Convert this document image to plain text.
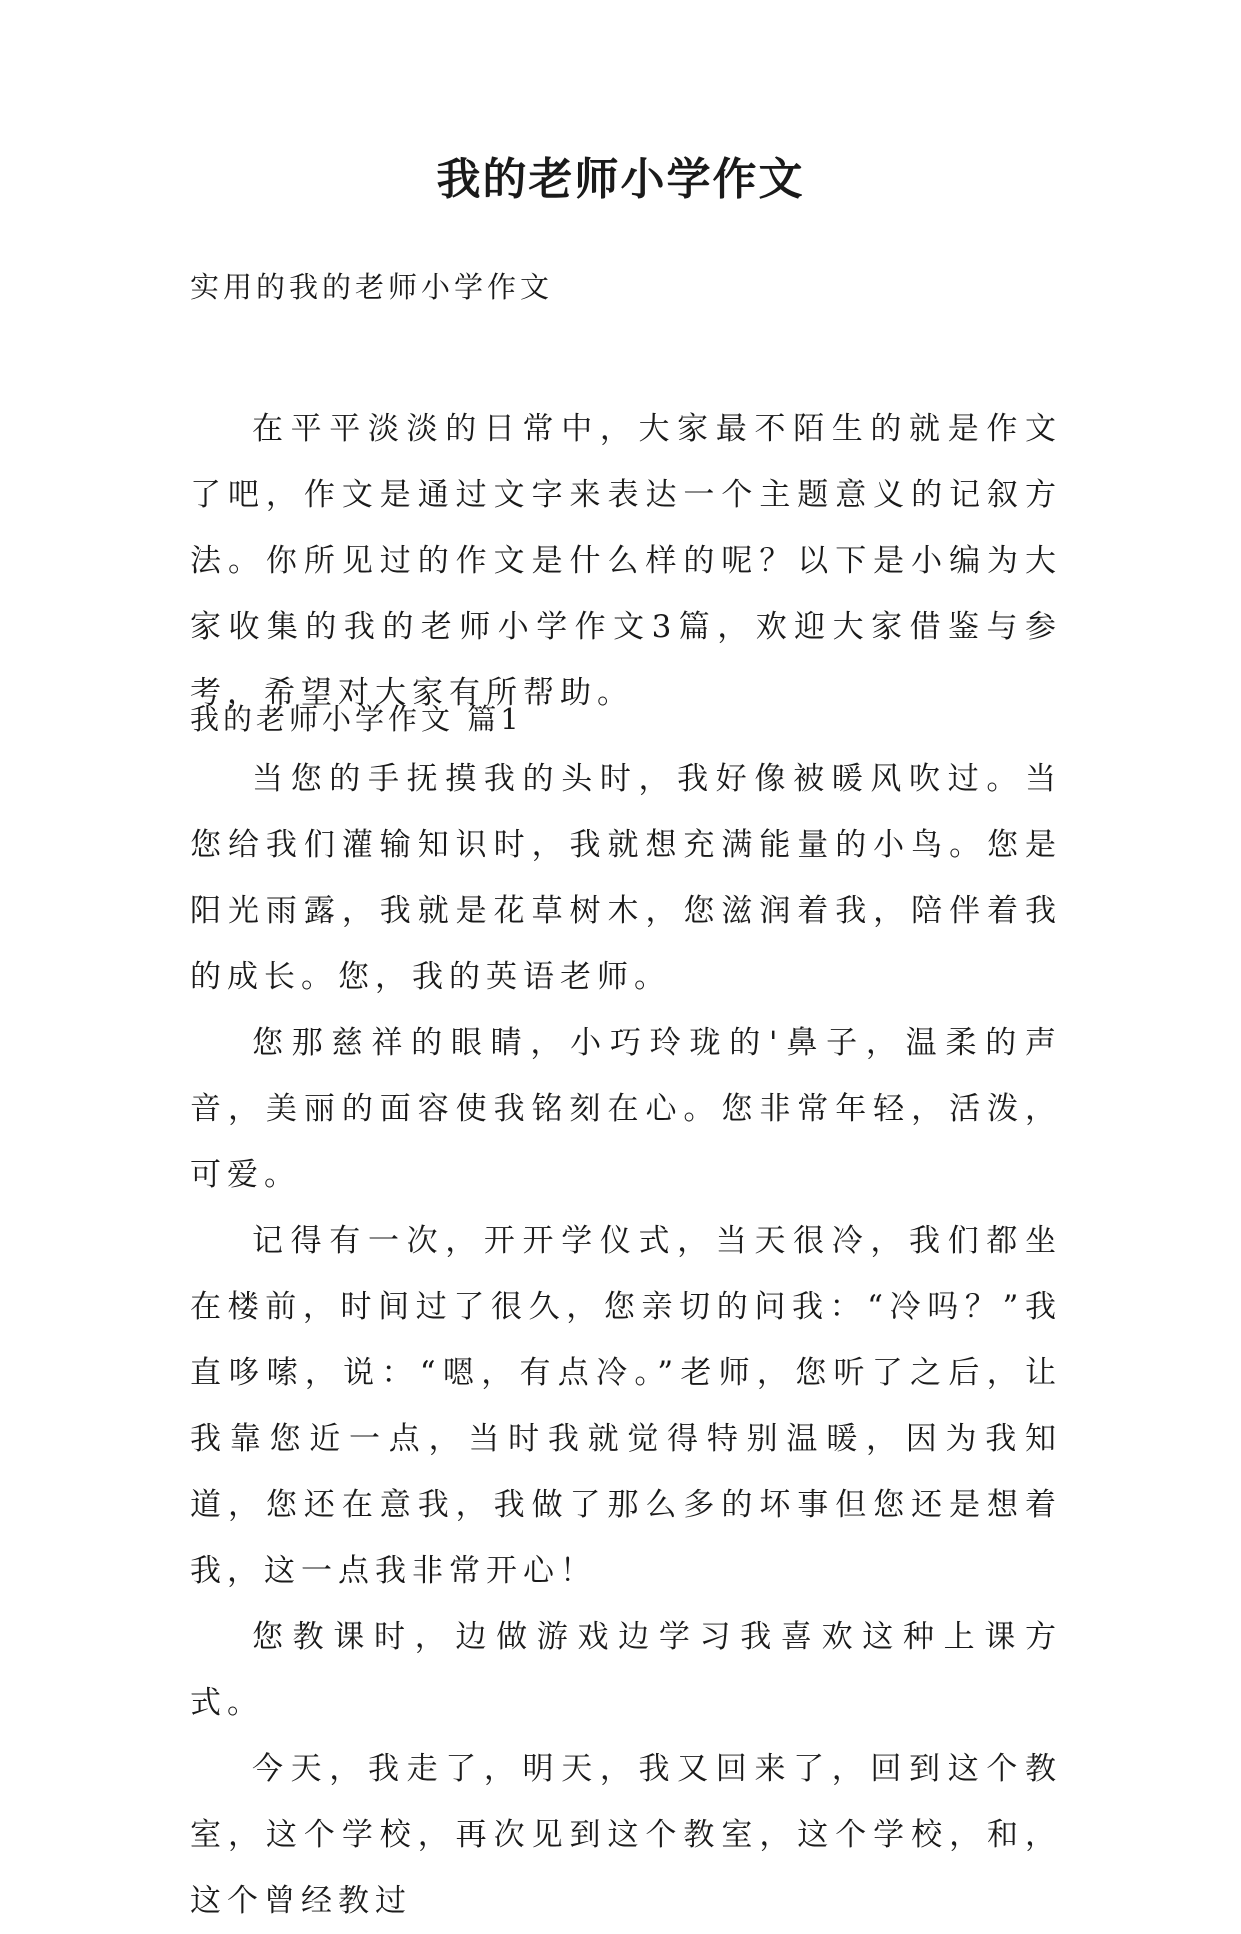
我的老师小学作文
实用的我的老师小学作文

在平平淡淡的日常中，大家最不陌生的就是作文了吧，作文是通过文字来表达一个主题意义的记叙方法。你所见过的作文是什么样的呢？以下是小编为大家收集的我的老师小学作文3篇，欢迎大家借鉴与参考，希望对大家有所帮助。

我的老师小学作文 篇1

当您的手抚摸我的头时，我好像被暖风吹过。当您给我们灌输知识时，我就想充满能量的小鸟。您是阳光雨露，我就是花草树木，您滋润着我，陪伴着我的成长。您，我的英语老师。

您那慈祥的眼睛，小巧玲珑的'鼻子，温柔的声音，美丽的面容使我铭刻在心。您非常年轻，活泼，可爱。

记得有一次，开开学仪式，当天很冷，我们都坐在楼前，时间过了很久，您亲切的问我：“冷吗？”我直哆嗦，说：“嗯，有点冷。”老师，您听了之后，让我靠您近一点，当时我就觉得特别温暖，因为我知道，您还在意我，我做了那么多的坏事但您还是想着我，这一点我非常开心！

您教课时，边做游戏边学习我喜欢这种上课方式。

今天，我走了，明天，我又回来了，回到这个教室，这个学校，再次见到这个教室，这个学校，和，这个曾经教过
